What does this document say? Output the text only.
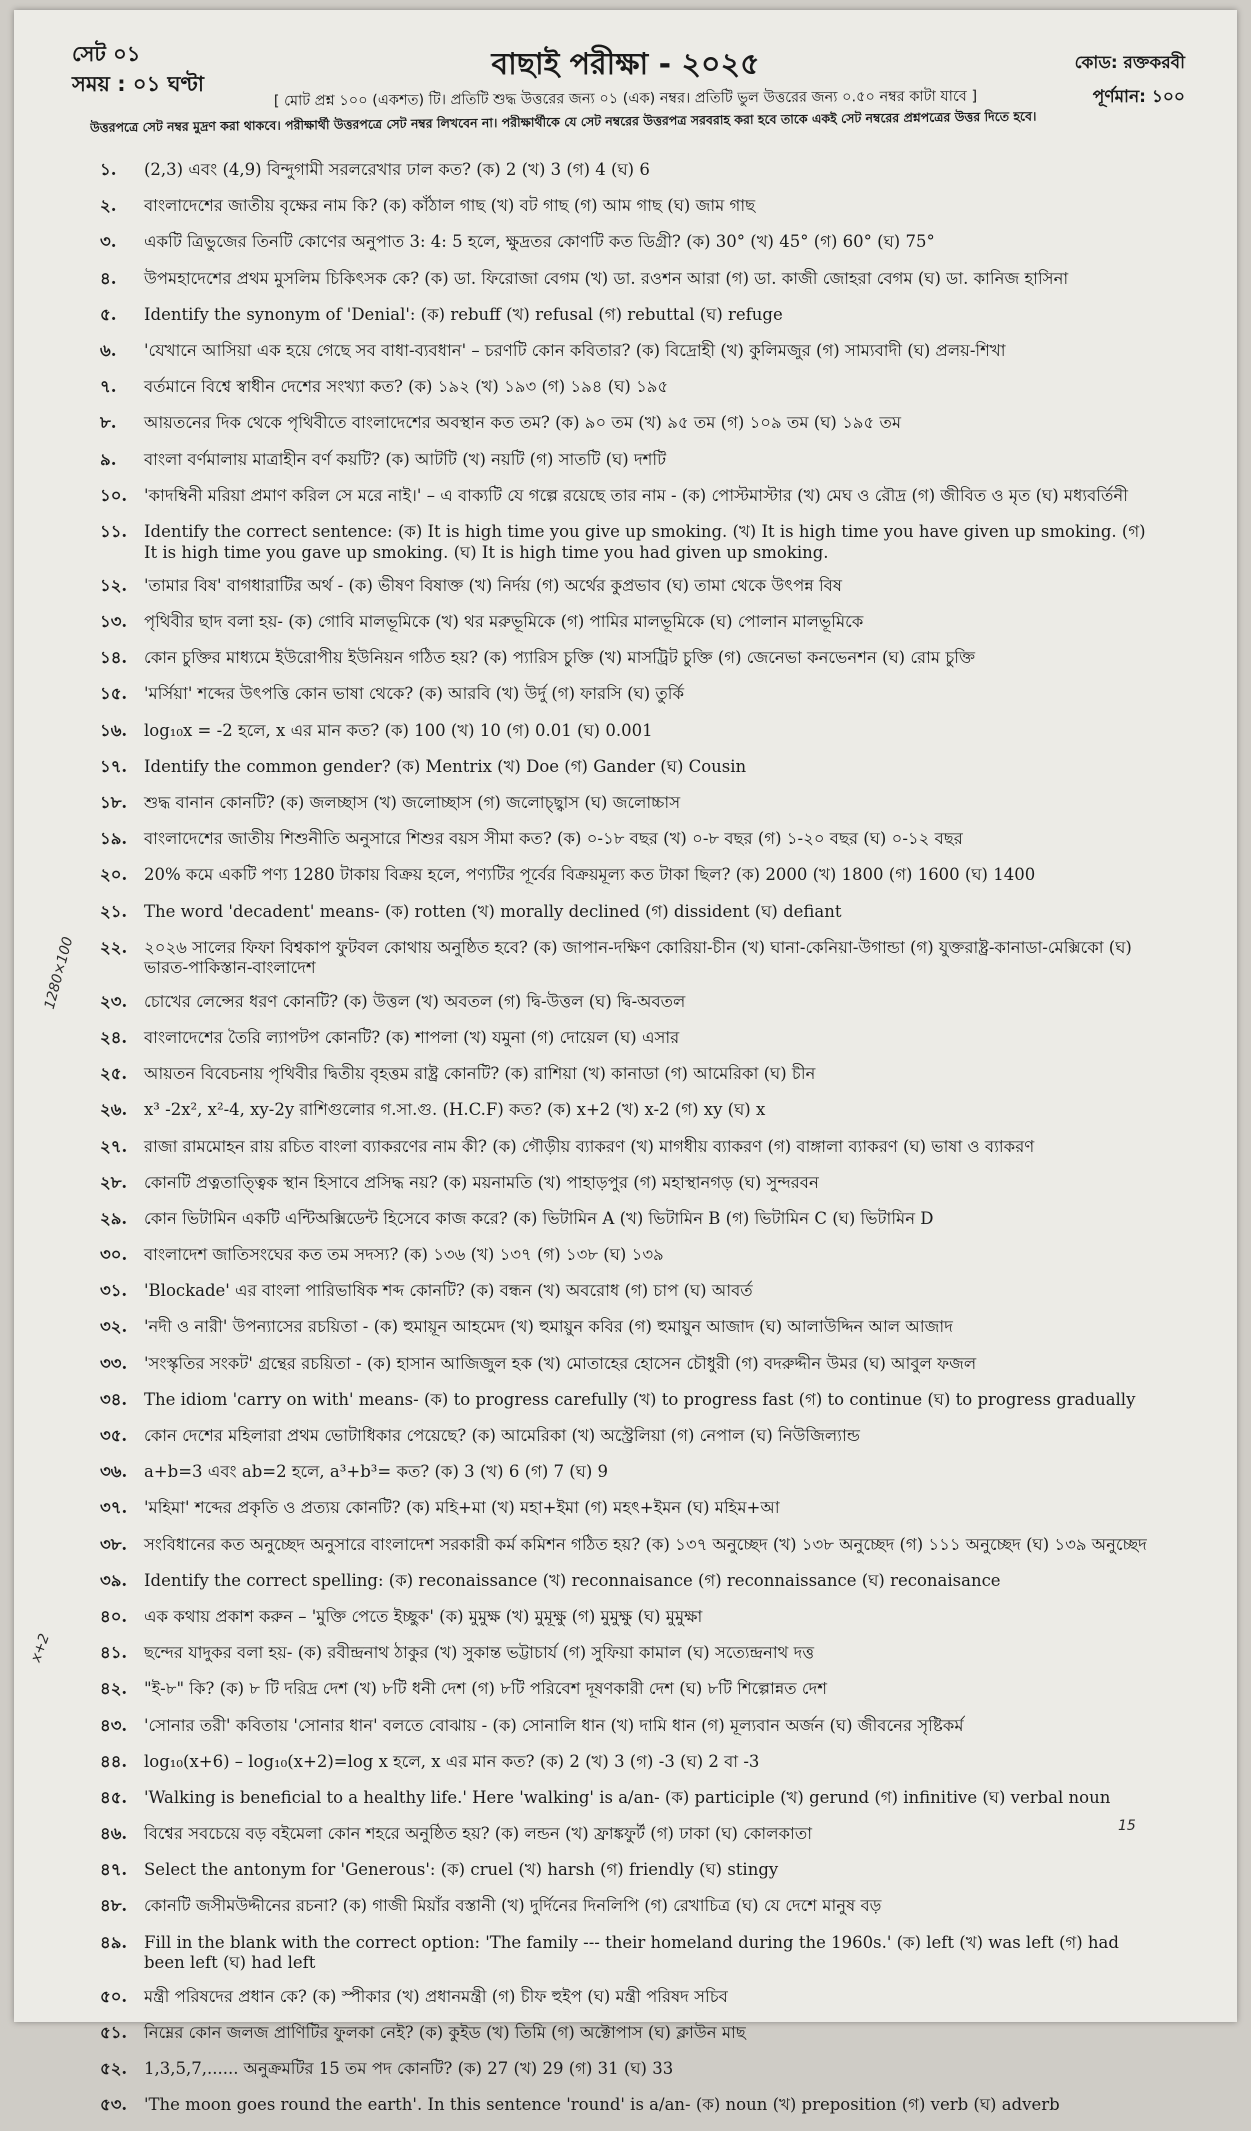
সেট ০১
সময় : ০১ ঘণ্টা
বাছাই পরীক্ষা - ২০২৫	কোড: রক্তকরবী
পূর্ণমান: ১০০
[ মোট প্রশ্ন ১০০ (একশত) টি। প্রতিটি শুদ্ধ উত্তরের জন্য ০১ (এক) নম্বর। প্রতিটি ভুল উত্তরের জন্য ০.৫০ নম্বর কাটা যাবে ]
উত্তরপত্রে সেট নম্বর মুদ্রণ করা থাকবে। পরীক্ষার্থী উত্তরপত্রে সেট নম্বর লিখবেন না। পরীক্ষার্থীকে যে সেট নম্বরের উত্তরপত্র সরবরাহ করা হবে তাকে একই সেট নম্বরের প্রশ্নপত্রের উত্তর দিতে হবে।
১.	(2,3) এবং (4,9) বিন্দুগামী সরলরেখার ঢাল কত? (ক) 2 (খ) 3 (গ) 4 (ঘ) 6
২.	বাংলাদেশের জাতীয় বৃক্ষের নাম কি? (ক) কাঁঠাল গাছ (খ) বট গাছ (গ) আম গাছ (ঘ) জাম গাছ
৩.	একটি ত্রিভুজের তিনটি কোণের অনুপাত 3: 4: 5 হলে, ক্ষুদ্রতর কোণটি কত ডিগ্রী? (ক) 30° (খ) 45° (গ) 60° (ঘ) 75°
৪.	উপমহাদেশের প্রথম মুসলিম চিকিৎসক কে? (ক) ডা. ফিরোজা বেগম (খ) ডা. রওশন আরা (গ) ডা. কাজী জোহরা বেগম (ঘ) ডা. কানিজ হাসিনা
৫.	Identify the synonym of 'Denial': (ক) rebuff (খ) refusal (গ) rebuttal (ঘ) refuge
৬.	'যেখানে আসিয়া এক হয়ে গেছে সব বাধা-ব্যবধান' – চরণটি কোন কবিতার? (ক) বিদ্রোহী (খ) কুলিমজুর (গ) সাম্যবাদী (ঘ) প্রলয়-শিখা
৭.	বর্তমানে বিশ্বে স্বাধীন দেশের সংখ্যা কত? (ক) ১৯২ (খ) ১৯৩ (গ) ১৯৪ (ঘ) ১৯৫
৮.	আয়তনের দিক থেকে পৃথিবীতে বাংলাদেশের অবস্থান কত তম? (ক) ৯০ তম (খ) ৯৫ তম (গ) ১০৯ তম (ঘ) ১৯৫ তম
৯.	বাংলা বর্ণমালায় মাত্রাহীন বর্ণ কয়টি? (ক) আটটি (খ) নয়টি (গ) সাতটি (ঘ) দশটি
১০.	'কাদম্বিনী মরিয়া প্রমাণ করিল সে মরে নাই।' – এ বাক্যটি যে গল্পে রয়েছে তার নাম - (ক) পোস্টমাস্টার (খ) মেঘ ও রৌদ্র (গ) জীবিত ও মৃত (ঘ) মধ্যবর্তিনী
১১.	Identify the correct sentence: (ক) It is high time you give up smoking. (খ) It is high time you have given up smoking. (গ) It is high time you gave up smoking. (ঘ) It is high time you had given up smoking.
১২.	'তামার বিষ' বাগধারাটির অর্থ - (ক) ভীষণ বিষাক্ত (খ) নির্দয় (গ) অর্থের কুপ্রভাব (ঘ) তামা থেকে উৎপন্ন বিষ
১৩.	পৃথিবীর ছাদ বলা হয়- (ক) গোবি মালভূমিকে (খ) থর মরুভূমিকে (গ) পামির মালভূমিকে (ঘ) পোলান মালভূমিকে
১৪.	কোন চুক্তির মাধ্যমে ইউরোপীয় ইউনিয়ন গঠিত হয়? (ক) প্যারিস চুক্তি (খ) মাসট্রিট চুক্তি (গ) জেনেভা কনভেনশন (ঘ) রোম চুক্তি
১৫.	'মর্সিয়া' শব্দের উৎপত্তি কোন ভাষা থেকে? (ক) আরবি (খ) উর্দু (গ) ফারসি (ঘ) তুর্কি
১৬.	log₁₀x = -2 হলে, x এর মান কত? (ক) 100 (খ) 10 (গ) 0.01 (ঘ) 0.001
১৭.	Identify the common gender? (ক) Mentrix (খ) Doe (গ) Gander (ঘ) Cousin
১৮.	শুদ্ধ বানান কোনটি? (ক) জলচ্ছাস (খ) জলোচ্ছাস (গ) জলোচ্ছ্বাস (ঘ) জলোচ্চাস
১৯.	বাংলাদেশের জাতীয় শিশুনীতি অনুসারে শিশুর বয়স সীমা কত? (ক) ০-১৮ বছর (খ) ০-৮ বছর (গ) ১-২০ বছর (ঘ) ০-১২ বছর
২০.	20% কমে একটি পণ্য 1280 টাকায় বিক্রয় হলে, পণ্যটির পূর্বের বিক্রয়মূল্য কত টাকা ছিল? (ক) 2000 (খ) 1800 (গ) 1600 (ঘ) 1400
২১.	The word 'decadent' means- (ক) rotten (খ) morally declined (গ) dissident (ঘ) defiant
২২.	২০২৬ সালের ফিফা বিশ্বকাপ ফুটবল কোথায় অনুষ্ঠিত হবে? (ক) জাপান-দক্ষিণ কোরিয়া-চীন (খ) ঘানা-কেনিয়া-উগান্ডা (গ) যুক্তরাষ্ট্র-কানাডা-মেক্সিকো (ঘ) ভারত-পাকিস্তান-বাংলাদেশ
২৩.	চোখের লেন্সের ধরণ কোনটি? (ক) উত্তল (খ) অবতল (গ) দ্বি-উত্তল (ঘ) দ্বি-অবতল
২৪.	বাংলাদেশের তৈরি ল্যাপটপ কোনটি? (ক) শাপলা (খ) যমুনা (গ) দোয়েল (ঘ) এসার
২৫.	আয়তন বিবেচনায় পৃথিবীর দ্বিতীয় বৃহত্তম রাষ্ট্র কোনটি? (ক) রাশিয়া (খ) কানাডা (গ) আমেরিকা (ঘ) চীন
২৬.	x³ -2x², x²-4, xy-2y রাশিগুলোর গ.সা.গু. (H.C.F) কত? (ক) x+2 (খ) x-2 (গ) xy (ঘ) x
২৭.	রাজা রামমোহন রায় রচিত বাংলা ব্যাকরণের নাম কী? (ক) গৌড়ীয় ব্যাকরণ (খ) মাগধীয় ব্যাকরণ (গ) বাঙ্গালা ব্যাকরণ (ঘ) ভাষা ও ব্যাকরণ
২৮.	কোনটি প্রত্নতাত্ত্বিক স্থান হিসাবে প্রসিদ্ধ নয়? (ক) ময়নামতি (খ) পাহাড়পুর (গ) মহাস্থানগড় (ঘ) সুন্দরবন
২৯.	কোন ভিটামিন একটি এন্টিঅক্সিডেন্ট হিসেবে কাজ করে? (ক) ভিটামিন A (খ) ভিটামিন B (গ) ভিটামিন C (ঘ) ভিটামিন D
৩০.	বাংলাদেশ জাতিসংঘের কত তম সদস্য? (ক) ১৩৬ (খ) ১৩৭ (গ) ১৩৮ (ঘ) ১৩৯
৩১.	'Blockade' এর বাংলা পারিভাষিক শব্দ কোনটি? (ক) বন্ধন (খ) অবরোধ (গ) চাপ (ঘ) আবর্ত
৩২.	'নদী ও নারী' উপন্যাসের রচয়িতা - (ক) হুমায়ূন আহমেদ (খ) হুমায়ুন কবির (গ) হুমায়ুন আজাদ (ঘ) আলাউদ্দিন আল আজাদ
৩৩.	'সংস্কৃতির সংকট' গ্রন্থের রচয়িতা - (ক) হাসান আজিজুল হক (খ) মোতাহের হোসেন চৌধুরী (গ) বদরুদ্দীন উমর (ঘ) আবুল ফজল
৩৪.	The idiom 'carry on with' means- (ক) to progress carefully (খ) to progress fast (গ) to continue (ঘ) to progress gradually
৩৫.	কোন দেশের মহিলারা প্রথম ভোটাধিকার পেয়েছে? (ক) আমেরিকা (খ) অস্ট্রেলিয়া (গ) নেপাল (ঘ) নিউজিল্যান্ড
৩৬.	a+b=3 এবং ab=2 হলে, a³+b³= কত? (ক) 3 (খ) 6 (গ) 7 (ঘ) 9
৩৭.	'মহিমা' শব্দের প্রকৃতি ও প্রত্যয় কোনটি? (ক) মহি+মা (খ) মহা+ইমা (গ) মহৎ+ইমন (ঘ) মহিম+আ
৩৮.	সংবিধানের কত অনুচ্ছেদ অনুসারে বাংলাদেশ সরকারী কর্ম কমিশন গঠিত হয়? (ক) ১৩৭ অনুচ্ছেদ (খ) ১৩৮ অনুচ্ছেদ (গ) ১১১ অনুচ্ছেদ (ঘ) ১৩৯ অনুচ্ছেদ
৩৯.	Identify the correct spelling: (ক) reconaissance (খ) reconnaisance (গ) reconnaissance (ঘ) reconaisance
৪০.	এক কথায় প্রকাশ করুন – 'মুক্তি পেতে ইচ্ছুক' (ক) মুমুক্ষ (খ) মুমূক্ষু (গ) মুমুক্ষু (ঘ) মুমুক্ষা
৪১.	ছন্দের যাদুকর বলা হয়- (ক) রবীন্দ্রনাথ ঠাকুর (খ) সুকান্ত ভট্টাচার্য (গ) সুফিয়া কামাল (ঘ) সত্যেন্দ্রনাথ দত্ত
৪২.	"ই-৮" কি? (ক) ৮ টি দরিদ্র দেশ (খ) ৮টি ধনী দেশ (গ) ৮টি পরিবেশ দূষণকারী দেশ (ঘ) ৮টি শিল্পোন্নত দেশ
৪৩.	'সোনার তরী' কবিতায় 'সোনার ধান' বলতে বোঝায় - (ক) সোনালি ধান (খ) দামি ধান (গ) মূল্যবান অর্জন (ঘ) জীবনের সৃষ্টিকর্ম
৪৪.	log₁₀(x+6) – log₁₀(x+2)=log x হলে, x এর মান কত? (ক) 2 (খ) 3 (গ) -3 (ঘ) 2 বা -3
৪৫.	'Walking is beneficial to a healthy life.' Here 'walking' is a/an- (ক) participle (খ) gerund (গ) infinitive (ঘ) verbal noun
৪৬.	বিশ্বের সবচেয়ে বড় বইমেলা কোন শহরে অনুষ্ঠিত হয়? (ক) লন্ডন (খ) ফ্রাঙ্কফুর্ট (গ) ঢাকা (ঘ) কোলকাতা
৪৭.	Select the antonym for 'Generous': (ক) cruel (খ) harsh (গ) friendly (ঘ) stingy
৪৮.	কোনটি জসীমউদ্দীনের রচনা? (ক) গাজী মিয়াঁর বস্তানী (খ) দুর্দিনের দিনলিপি (গ) রেখাচিত্র (ঘ) যে দেশে মানুষ বড়
৪৯.	Fill in the blank with the correct option: 'The family --- their homeland during the 1960s.' (ক) left (খ) was left (গ) had been left (ঘ) had left
৫০.	মন্ত্রী পরিষদের প্রধান কে? (ক) স্পীকার (খ) প্রধানমন্ত্রী (গ) চীফ হুইপ (ঘ) মন্ত্রী পরিষদ সচিব
৫১.	নিম্নের কোন জলজ প্রাণিটির ফুলকা নেই? (ক) কুইড (খ) তিমি (গ) অক্টোপাস (ঘ) ক্লাউন মাছ
৫২.	1,3,5,7,...... অনুক্রমটির 15 তম পদ কোনটি? (ক) 27 (খ) 29 (গ) 31 (ঘ) 33
৫৩.	'The moon goes round the earth'. In this sentence 'round' is a/an- (ক) noun (খ) preposition (গ) verb (ঘ) adverb
1280×100
x+2
15
